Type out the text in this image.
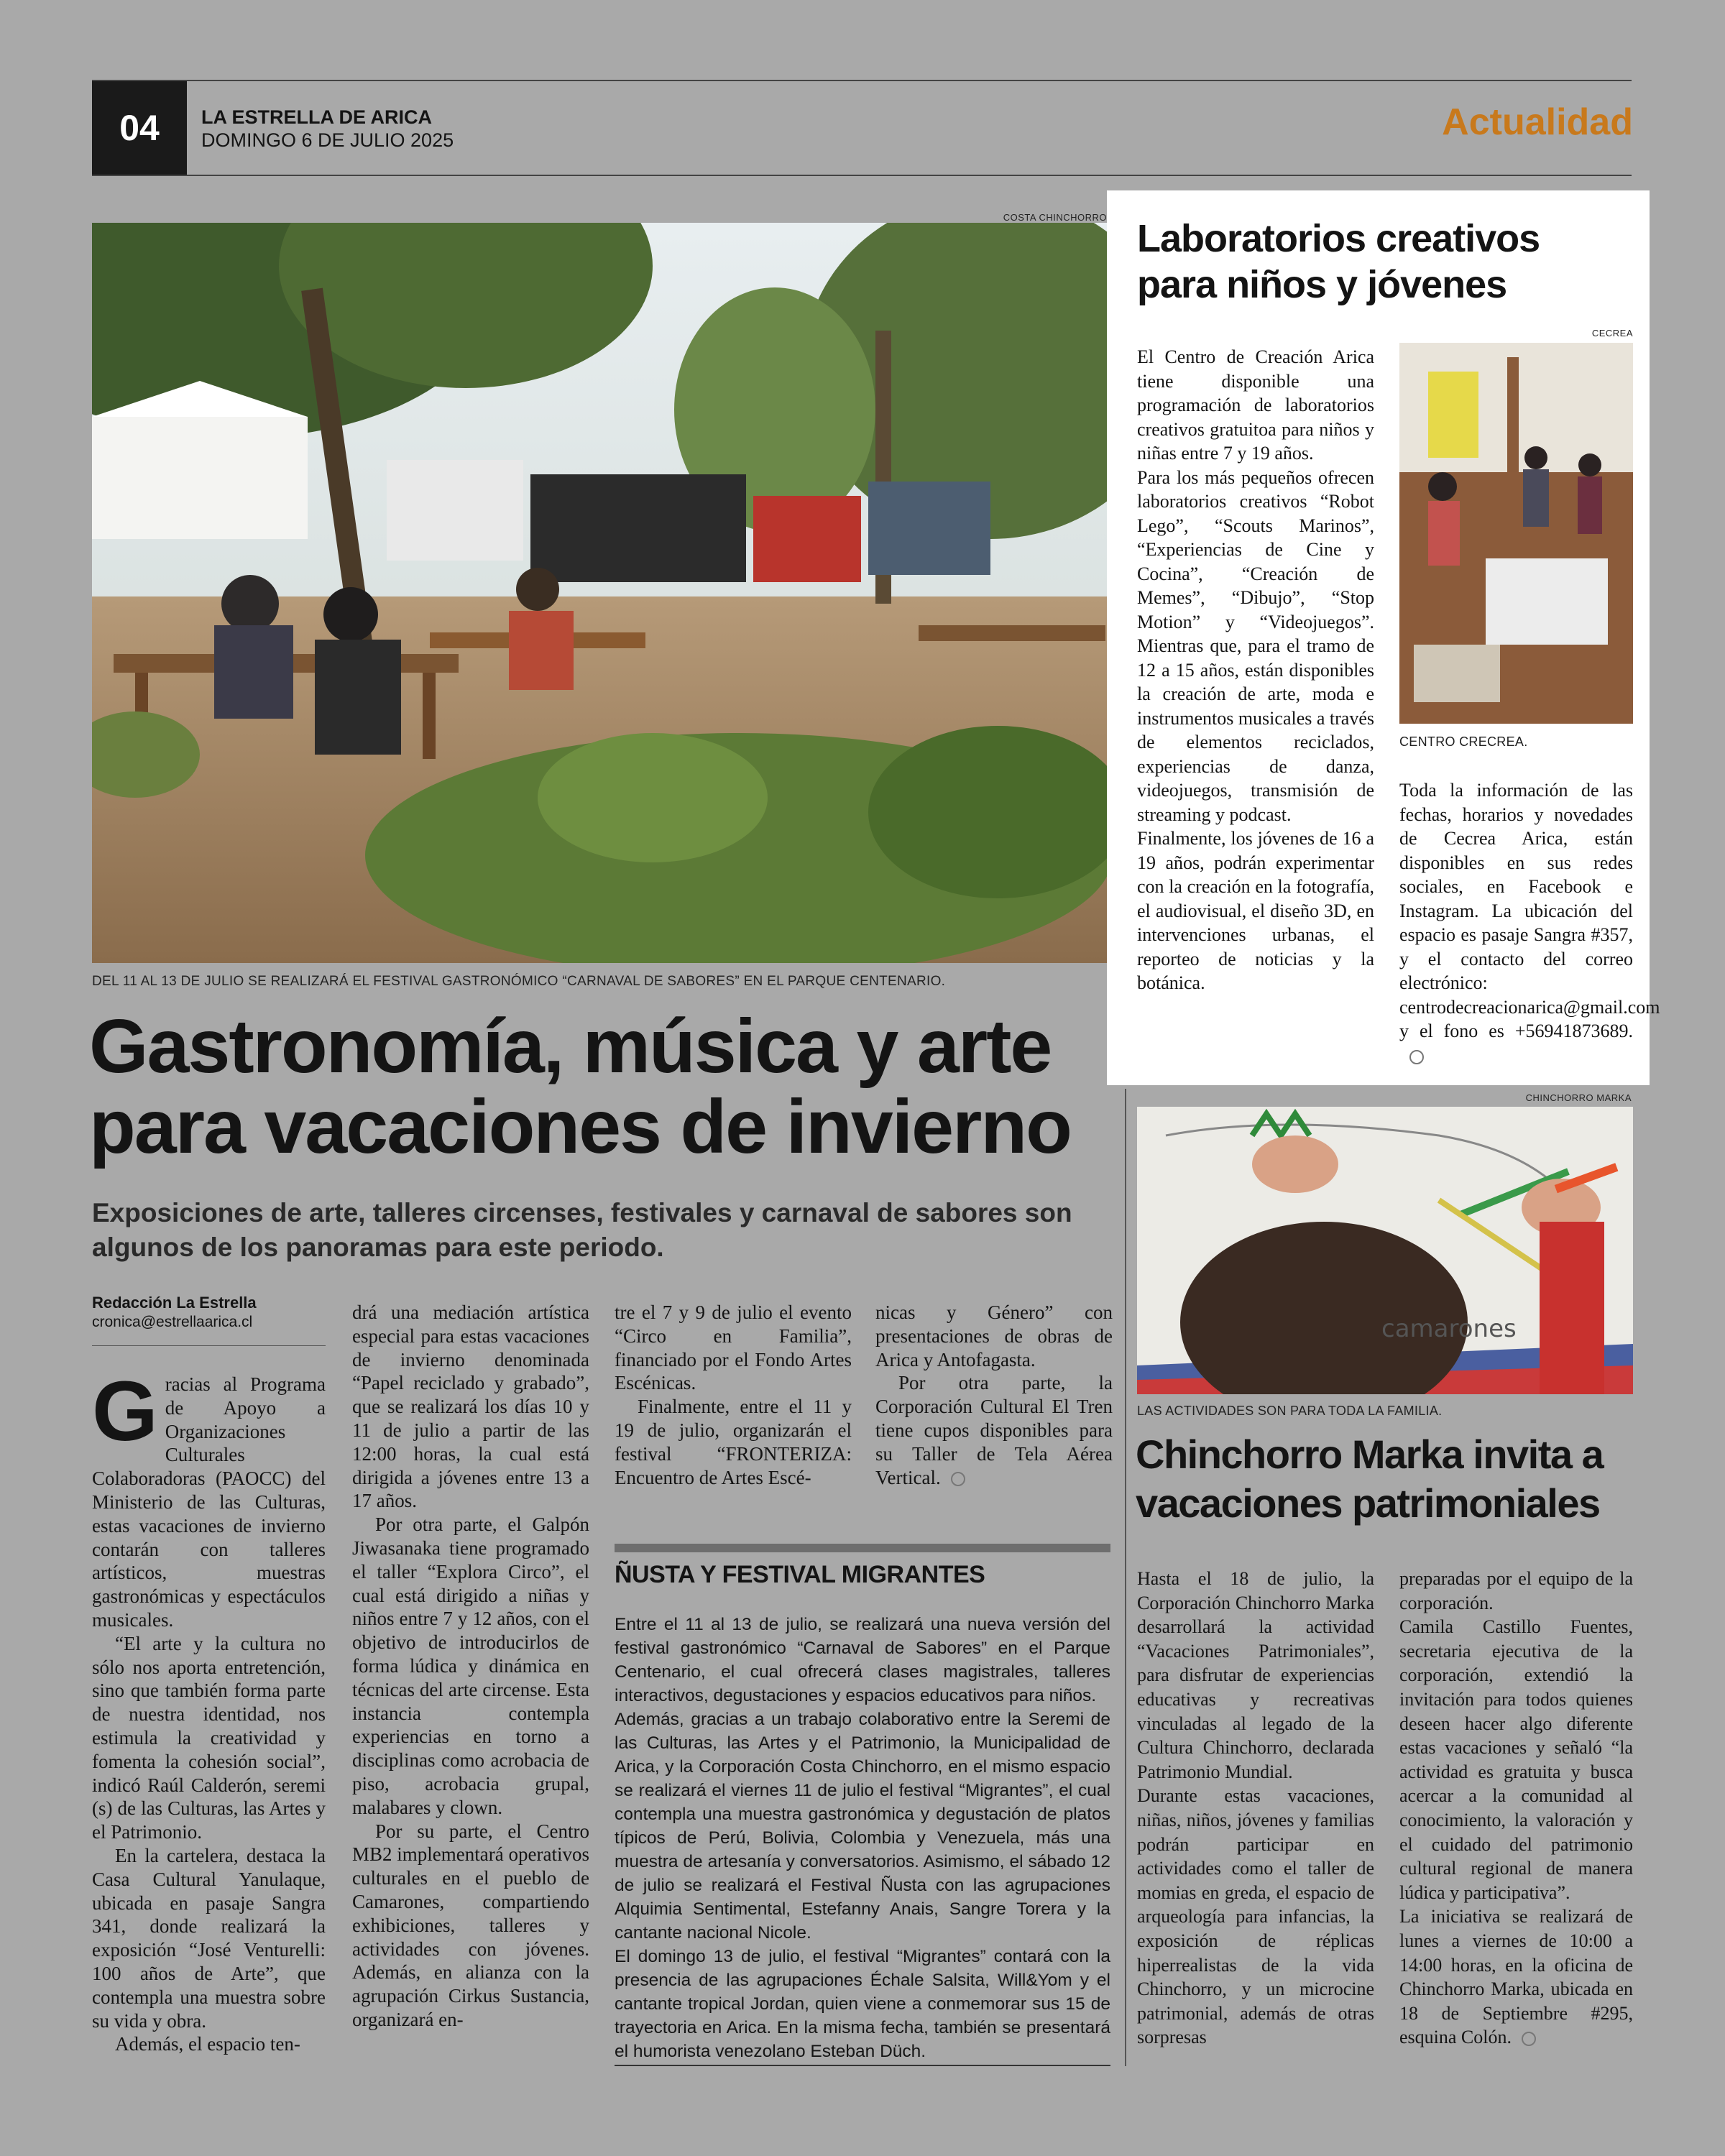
04	LA ESTRELLA DE ARICA
DOMINGO 6 DE JULIO 2025	Actualidad
COSTA CHINCHORRO
DEL 11 AL 13 DE JULIO SE REALIZARÁ EL FESTIVAL GASTRONÓMICO “CARNAVAL DE SABORES” EN EL PARQUE CENTENARIO.
Gastronomía, música y arte
para vacaciones de invierno
Exposiciones de arte, talleres circenses, festivales y carnaval de sabores son algunos de los panoramas para este periodo.
Redacción La Estrella
cronica@estrellaarica.cl

Gracias al Programa de Apoyo a Organizaciones Culturales Colaboradoras (PAOCC) del Ministerio de las Culturas, estas vacaciones de invierno contarán con talleres artísticos, muestras gastronómicas y espectáculos musicales.

“El arte y la cultura no sólo nos aporta entretención, sino que también forma parte de nuestra identidad, nos estimula la creatividad y fomenta la cohesión social”, indicó Raúl Calderón, seremi (s) de las Culturas, las Artes y el Patrimonio.

En la cartelera, destaca la Casa Cultural Yanulaque, ubicada en pasaje Sangra 341, donde realizará la exposición “José Venturelli: 100 años de Arte”, que contempla una muestra sobre su vida y obra.

Además, el espacio ten-

drá una mediación artística especial para estas vacaciones de invierno denominada “Papel reciclado y grabado”, que se realizará los días 10 y 11 de julio a partir de las 12:00 horas, la cual está dirigida a jóvenes entre 13 a 17 años.

Por otra parte, el Galpón Jiwasanaka tiene programado el taller “Explora Circo”, el cual está dirigido a niñas y niños entre 7 y 12 años, con el objetivo de introducirlos de forma lúdica y dinámica en técnicas del arte circense. Esta instancia contempla experiencias en torno a disciplinas como acrobacia de piso, acrobacia grupal, malabares y clown.

Por su parte, el Centro MB2 implementará operativos culturales en el pueblo de Camarones, compartiendo exhibiciones, talleres y actividades con jóvenes. Además, en alianza con la agrupación Cirkus Sustancia, organizará en-

tre el 7 y 9 de julio el evento “Circo en Familia”, financiado por el Fondo Artes Escénicas.

Finalmente, entre el 11 y 19 de julio, organizarán el festival “FRONTERIZA: Encuentro de Artes Escé-

nicas y Género” con presentaciones de obras de Arica y Antofagasta.

Por otra parte, la Corporación Cultural El Tren tiene cupos disponibles para su Taller de Tela Aérea Vertical.

ÑUSTA Y FESTIVAL MIGRANTES

Entre el 11 al 13 de julio, se realizará una nueva versión del festival gastronómico “Carnaval de Sabores” en el Parque Centenario, el cual ofrecerá clases magistrales, talleres interactivos, degustaciones y espacios educativos para niños.

Además, gracias a un trabajo colaborativo entre la Seremi de las Culturas, las Artes y el Patrimonio, la Municipalidad de Arica, y la Corporación Costa Chinchorro, en el mismo espacio se realizará el viernes 11 de julio el festival “Migrantes”, el cual contempla una muestra gastronómica y degustación de platos típicos de Perú, Bolivia, Colombia y Venezuela, más una muestra de artesanía y conversatorios. Asimismo, el sábado 12 de julio se realizará el Festival Ñusta con las agrupaciones Alquimia Sentimental, Estefanny Anais, Sangre Torera y la cantante nacional Nicole.

El domingo 13 de julio, el festival “Migrantes” contará con la presencia de las agrupaciones Échale Salsita, Will&Yom y el cantante tropical Jordan, quien viene a conmemorar sus 15 de trayectoria en Arica. En la misma fecha, también se presentará el humorista venezolano Esteban Düch.

Laboratorios creativos
para niños y jóvenes
CECREA
CENTRO CRECREA.

El Centro de Creación Arica tiene disponible una programación de laboratorios creativos gratuitoa para niños y niñas entre 7 y 19 años.

Para los más pequeños ofrecen laboratorios creativos “Robot Lego”, “Scouts Marinos”, “Experiencias de Cine y Cocina”, “Creación de Memes”, “Dibujo”, “Stop Motion” y “Videojuegos”. Mientras que, para el tramo de 12 a 15 años, están disponibles la creación de arte, moda e instrumentos musicales a través de elementos reciclados, experiencias de danza, videojuegos, transmisión de streaming y podcast.

Finalmente, los jóvenes de 16 a 19 años, podrán experimentar con la creación en la fotografía, el audiovisual, el diseño 3D, en intervenciones urbanas, el reporteo de noticias y la botánica.

Toda la información de las fechas, horarios y novedades de Cecrea Arica, están disponibles en sus redes sociales, en Facebook e Instagram. La ubicación del espacio es pasaje Sangra #357, y el contacto del correo electrónico: centrodecreacionarica@gmail.com y el fono es +56941873689.

CHINCHORRO MARKA
camarones
LAS ACTIVIDADES SON PARA TODA LA FAMILIA.
Chinchorro Marka invita a
vacaciones patrimoniales

Hasta el 18 de julio, la Corporación Chinchorro Marka desarrollará la actividad “Vacaciones Patrimoniales”, para disfrutar de experiencias educativas y recreativas vinculadas al legado de la Cultura Chinchorro, declarada Patrimonio Mundial.

Durante estas vacaciones, niñas, niños, jóvenes y familias podrán participar en actividades como el taller de momias en greda, el espacio de arqueología para infancias, la exposición de réplicas hiperrealistas de la vida Chinchorro, y un microcine patrimonial, además de otras sorpresas

preparadas por el equipo de la corporación.

Camila Castillo Fuentes, secretaria ejecutiva de la corporación, extendió la invitación para todos quienes deseen hacer algo diferente estas vacaciones y señaló “la actividad es gratuita y busca acercar a la comunidad al conocimiento, la valoración y el cuidado del patrimonio cultural regional de manera lúdica y participativa”.

La iniciativa se realizará de lunes a viernes de 10:00 a 14:00 horas, en la oficina de Chinchorro Marka, ubicada en 18 de Septiembre #295, esquina Colón.
